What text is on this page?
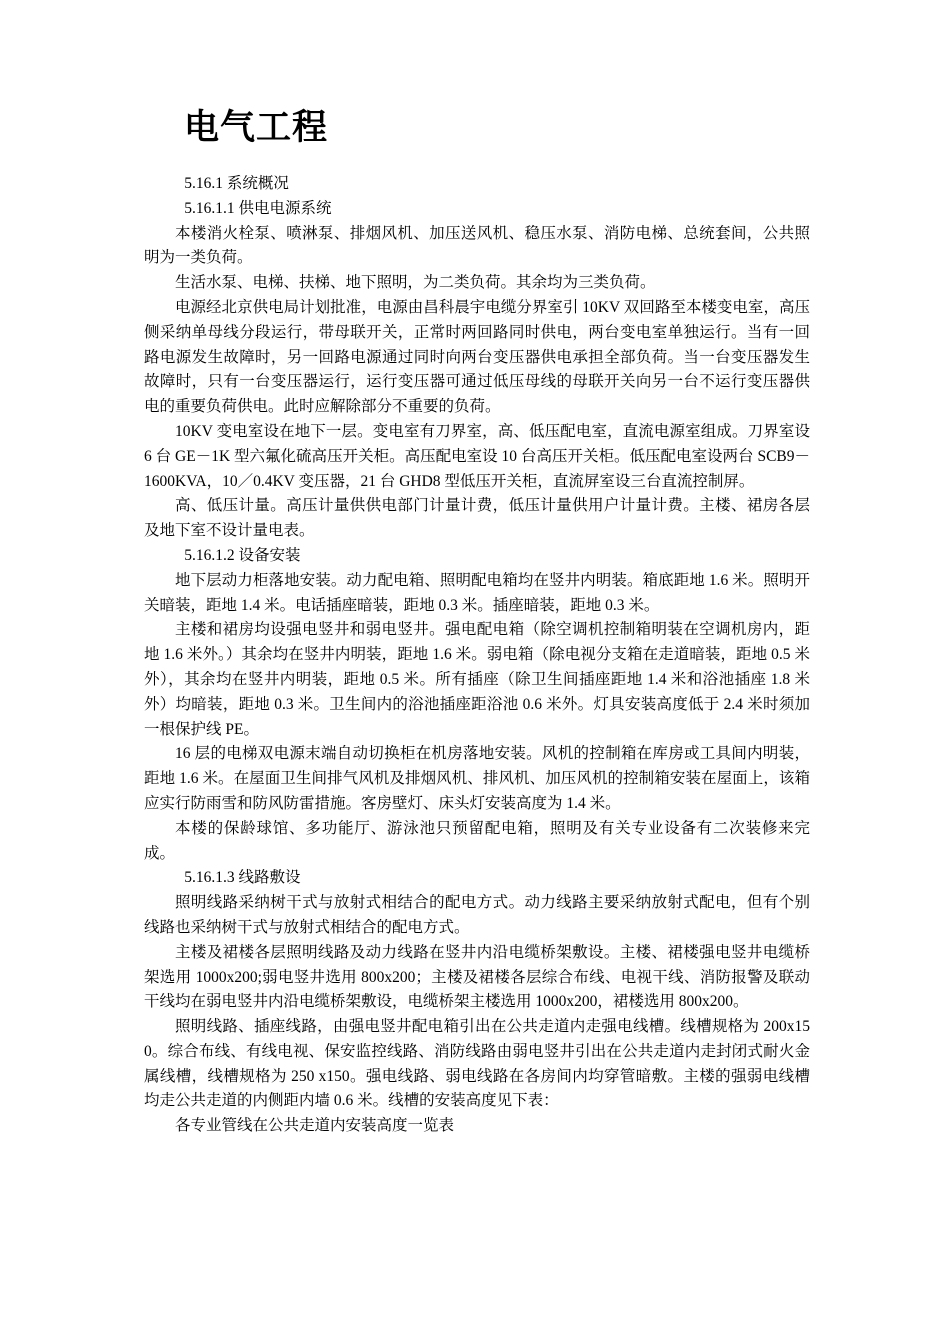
电气工程

5.16.1 系统概况

5.16.1.1 供电电源系统

本楼消火栓泵、喷淋泵、排烟风机、加压送风机、稳压水泵、消防电梯、总统套间，公共照明为一类负荷。

生活水泵、电梯、扶梯、地下照明，为二类负荷。其余均为三类负荷。

电源经北京供电局计划批准，电源由昌科晨宇电缆分界室引 10KV 双回路至本楼变电室，高压侧采纳单母线分段运行，带母联开关，正常时两回路同时供电，两台变电室单独运行。当有一回路电源发生故障时，另一回路电源通过同时向两台变压器供电承担全部负荷。当一台变压器发生故障时，只有一台变压器运行，运行变压器可通过低压母线的母联开关向另一台不运行变压器供电的重要负荷供电。此时应解除部分不重要的负荷。

10KV 变电室设在地下一层。变电室有刀界室，高、低压配电室，直流电源室组成。刀界室设 6 台 GE－1K 型六氟化硫高压开关柜。高压配电室设 10 台高压开关柜。低压配电室设两台 SCB9－1600KVA，10／0.4KV 变压器，21 台 GHD8 型低压开关柜，直流屏室设三台直流控制屏。

高、低压计量。高压计量供供电部门计量计费，低压计量供用户计量计费。主楼、裙房各层及地下室不设计量电表。

5.16.1.2 设备安装

地下层动力柜落地安装。动力配电箱、照明配电箱均在竖井内明装。箱底距地 1.6 米。照明开关暗装，距地 1.4 米。电话插座暗装，距地 0.3 米。插座暗装，距地 0.3 米。

主楼和裙房均设强电竖井和弱电竖井。强电配电箱（除空调机控制箱明装在空调机房内，距地 1.6 米外。）其余均在竖井内明装，距地 1.6 米。弱电箱（除电视分支箱在走道暗装，距地 0.5 米外），其余均在竖井内明装，距地 0.5 米。所有插座（除卫生间插座距地 1.4 米和浴池插座 1.8 米外）均暗装，距地 0.3 米。卫生间内的浴池插座距浴池 0.6 米外。灯具安装高度低于 2.4 米时须加一根保护线 PE。

16 层的电梯双电源末端自动切换柜在机房落地安装。风机的控制箱在库房或工具间内明装，距地 1.6 米。在屋面卫生间排气风机及排烟风机、排风机、加压风机的控制箱安装在屋面上，该箱应实行防雨雪和防风防雷措施。客房壁灯、床头灯安装高度为 1.4 米。

本楼的保龄球馆、多功能厅、游泳池只预留配电箱，照明及有关专业设备有二次装修来完成。

5.16.1.3 线路敷设

照明线路采纳树干式与放射式相结合的配电方式。动力线路主要采纳放射式配电，但有个别线路也采纳树干式与放射式相结合的配电方式。

主楼及裙楼各层照明线路及动力线路在竖井内沿电缆桥架敷设。主楼、裙楼强电竖井电缆桥架选用 1000x200;弱电竖井选用 800x200；主楼及裙楼各层综合布线、电视干线、消防报警及联动干线均在弱电竖井内沿电缆桥架敷设，电缆桥架主楼选用 1000x200，裙楼选用 800x200。

照明线路、插座线路，由强电竖井配电箱引出在公共走道内走强电线槽。线槽规格为 200x150。综合布线、有线电视、保安监控线路、消防线路由弱电竖井引出在公共走道内走封闭式耐火金属线槽，线槽规格为 250 x150。强电线路、弱电线路在各房间内均穿管暗敷。主楼的强弱电线槽均走公共走道的内侧距内墙 0.6 米。线槽的安装高度见下表：

各专业管线在公共走道内安装高度一览表
